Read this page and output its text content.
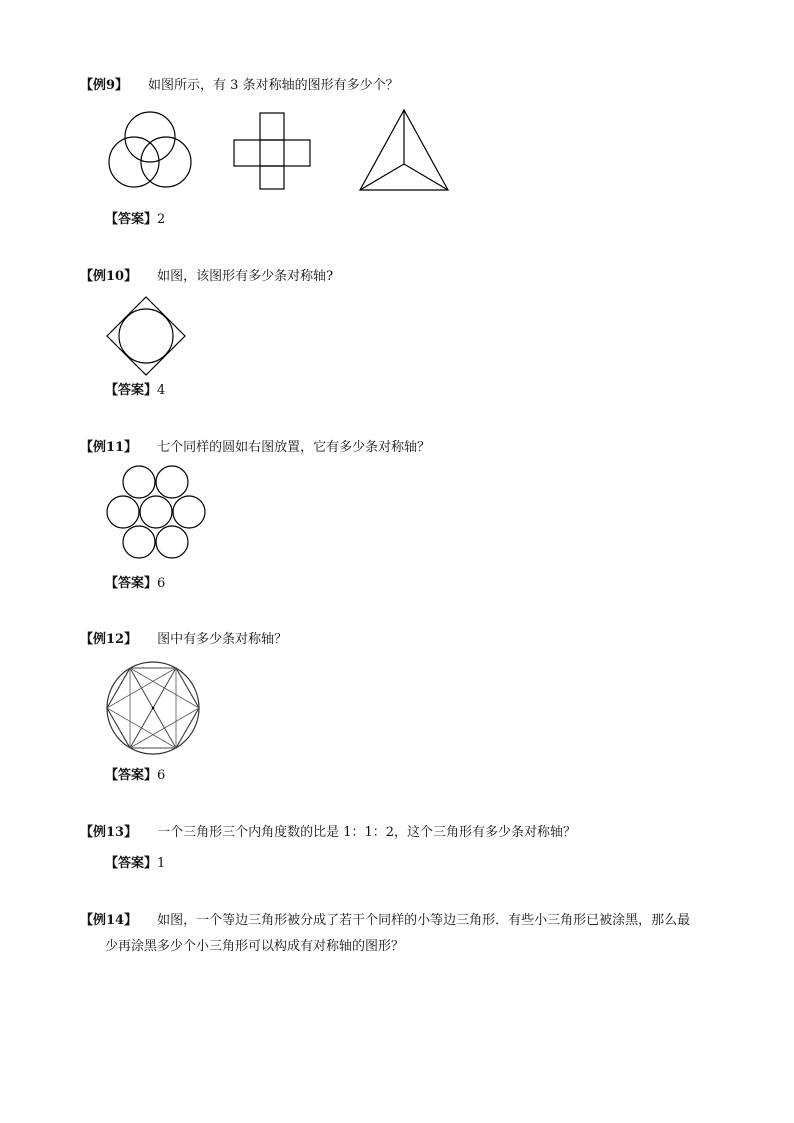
【例9】 如图所示，有 3 条对称轴的图形有多少个？
【答案】2
【例10】 如图，该图形有多少条对称轴?
【答案】4
【例11】 七个同样的圆如右图放置，它有多少条对称轴？
【答案】6
【例12】 图中有多少条对称轴？
【答案】6
【例13】 一个三角形三个内角度数的比是 1：1：2，这个三角形有多少条对称轴？
【答案】1
【例14】 如图，一个等边三角形被分成了若干个同样的小等边三角形．有些小三角形已被涂黑，那么最
少再涂黑多少个小三角形可以构成有对称轴的图形？
